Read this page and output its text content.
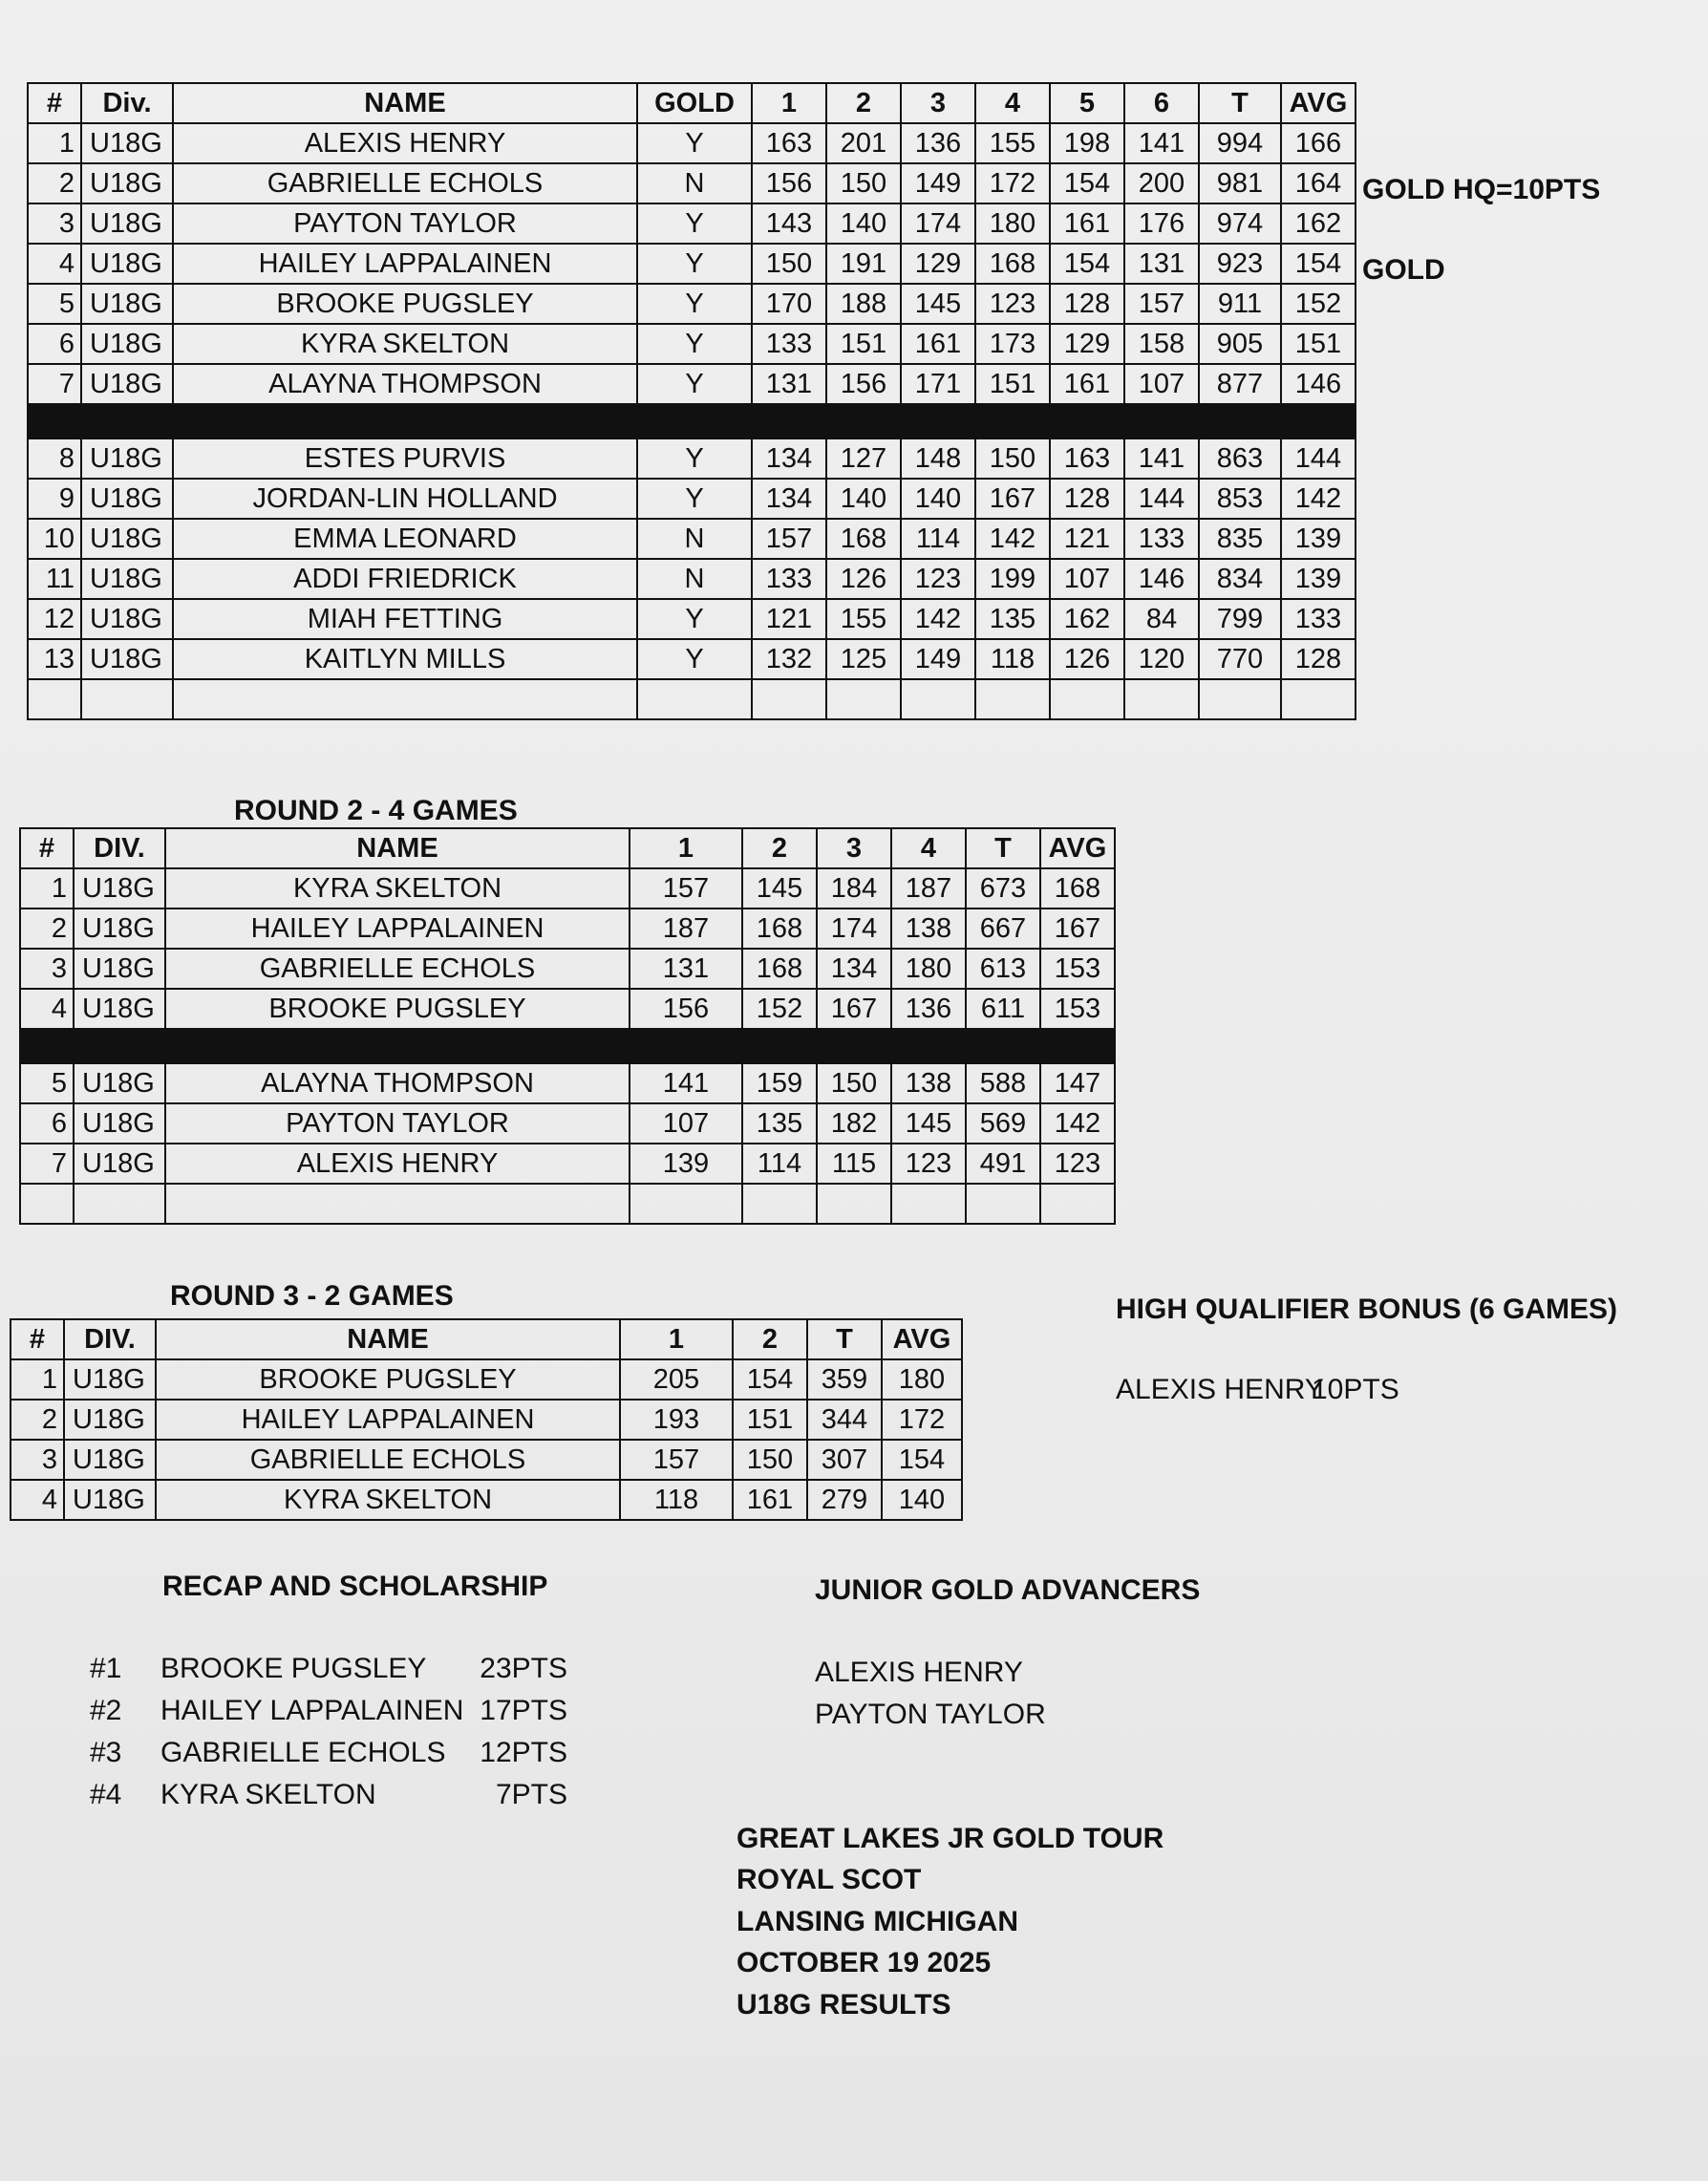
#	Div.	NAME	GOLD	1	2	3	4	5	6	T	AVG
1	U18G	ALEXIS HENRY	Y	163	201	136	155	198	141	994	166
2	U18G	GABRIELLE ECHOLS	N	156	150	149	172	154	200	981	164
3	U18G	PAYTON TAYLOR	Y	143	140	174	180	161	176	974	162
4	U18G	HAILEY LAPPALAINEN	Y	150	191	129	168	154	131	923	154
5	U18G	BROOKE PUGSLEY	Y	170	188	145	123	128	157	911	152
6	U18G	KYRA SKELTON	Y	133	151	161	173	129	158	905	151
7	U18G	ALAYNA THOMPSON	Y	131	156	171	151	161	107	877	146

8	U18G	ESTES PURVIS	Y	134	127	148	150	163	141	863	144
9	U18G	JORDAN-LIN HOLLAND	Y	134	140	140	167	128	144	853	142
10	U18G	EMMA LEONARD	N	157	168	114	142	121	133	835	139
11	U18G	ADDI FRIEDRICK	N	133	126	123	199	107	146	834	139
12	U18G	MIAH FETTING	Y	121	155	142	135	162	84	799	133
13	U18G	KAITLYN MILLS	Y	132	125	149	118	126	120	770	128

GOLD HQ=10PTS
GOLD
ROUND 2 - 4 GAMES
#	DIV.	NAME	1	2	3	4	T	AVG
1	U18G	KYRA SKELTON	157	145	184	187	673	168
2	U18G	HAILEY LAPPALAINEN	187	168	174	138	667	167
3	U18G	GABRIELLE ECHOLS	131	168	134	180	613	153
4	U18G	BROOKE PUGSLEY	156	152	167	136	611	153

5	U18G	ALAYNA THOMPSON	141	159	150	138	588	147
6	U18G	PAYTON TAYLOR	107	135	182	145	569	142
7	U18G	ALEXIS HENRY	139	114	115	123	491	123

ROUND 3 - 2 GAMES
#	DIV.	NAME	1	2	T	AVG
1	U18G	BROOKE PUGSLEY	205	154	359	180
2	U18G	HAILEY LAPPALAINEN	193	151	344	172
3	U18G	GABRIELLE ECHOLS	157	150	307	154
4	U18G	KYRA SKELTON	118	161	279	140
HIGH QUALIFIER BONUS (6 GAMES)
ALEXIS HENRY
10PTS
RECAP AND SCHOLARSHIP
#1 BROOKE PUGSLEY 23PTS
#2 HAILEY LAPPALAINEN 17PTS
#3 GABRIELLE ECHOLS 12PTS
#4 KYRA SKELTON	7PTS
JUNIOR GOLD ADVANCERS
ALEXIS HENRY
PAYTON TAYLOR
GREAT LAKES JR GOLD TOUR
ROYAL SCOT
LANSING MICHIGAN
OCTOBER 19 2025
U18G RESULTS
